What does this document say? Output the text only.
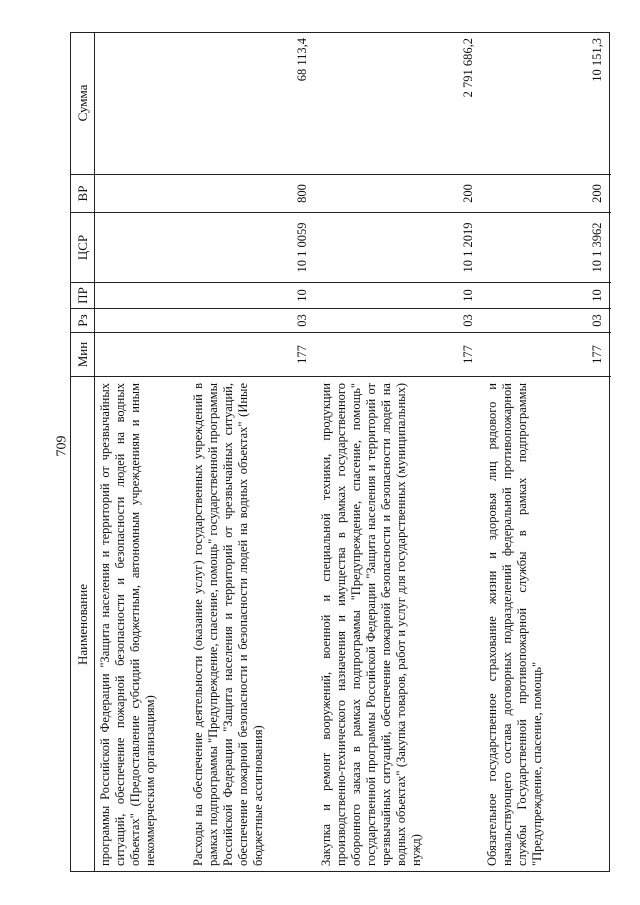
709
Наименование
Мин
Рз
ПР
ЦСР
ВР
Сумма
программы Российской Федерации "Защита населения и территорий от чрезвычайных ситуаций, обеспечение пожарной безопасности и безопасности людей на водных объектах" (Предоставление субсидий бюджетным, автономным учреждениям и иным некоммерческим организациям)	Расходы на обеспечение деятельности (оказание услуг) государственных учреждений в рамках подпрограммы "Предупреждение, спасение, помощь" государственной программы Российской Федерации "Защита населения и территорий от чрезвычайных ситуаций, обеспечение пожарной безопасности и безопасности людей на водных объектах" (Иные бюджетные ассигнования)
177
03
10
10 1 0059
800
68 113,4
Закупка и ремонт вооружений, военной и специальной техники, продукции производственно-технического назначения и имущества в рамках государственного оборонного заказа в рамках подпрограммы "Предупреждение, спасение, помощь" государственной программы Российской Федерации "Защита населения и территорий от чрезвычайных ситуаций, обеспечение пожарной безопасности и безопасности людей на водных объектах" (Закупка товаров, работ и услуг для государственных (муниципальных) нужд)
177
03
10
10 1 2019
200
2 791 686,2
Обязательное государственное страхование жизни и здоровья лиц рядового и начальствующего состава договорных подразделений федеральной противопожарной службы Государственной противопожарной службы в рамках подпрограммы "Предупреждение, спасение, помощь"
177
03
10
10 1 3962
200
10 151,3
